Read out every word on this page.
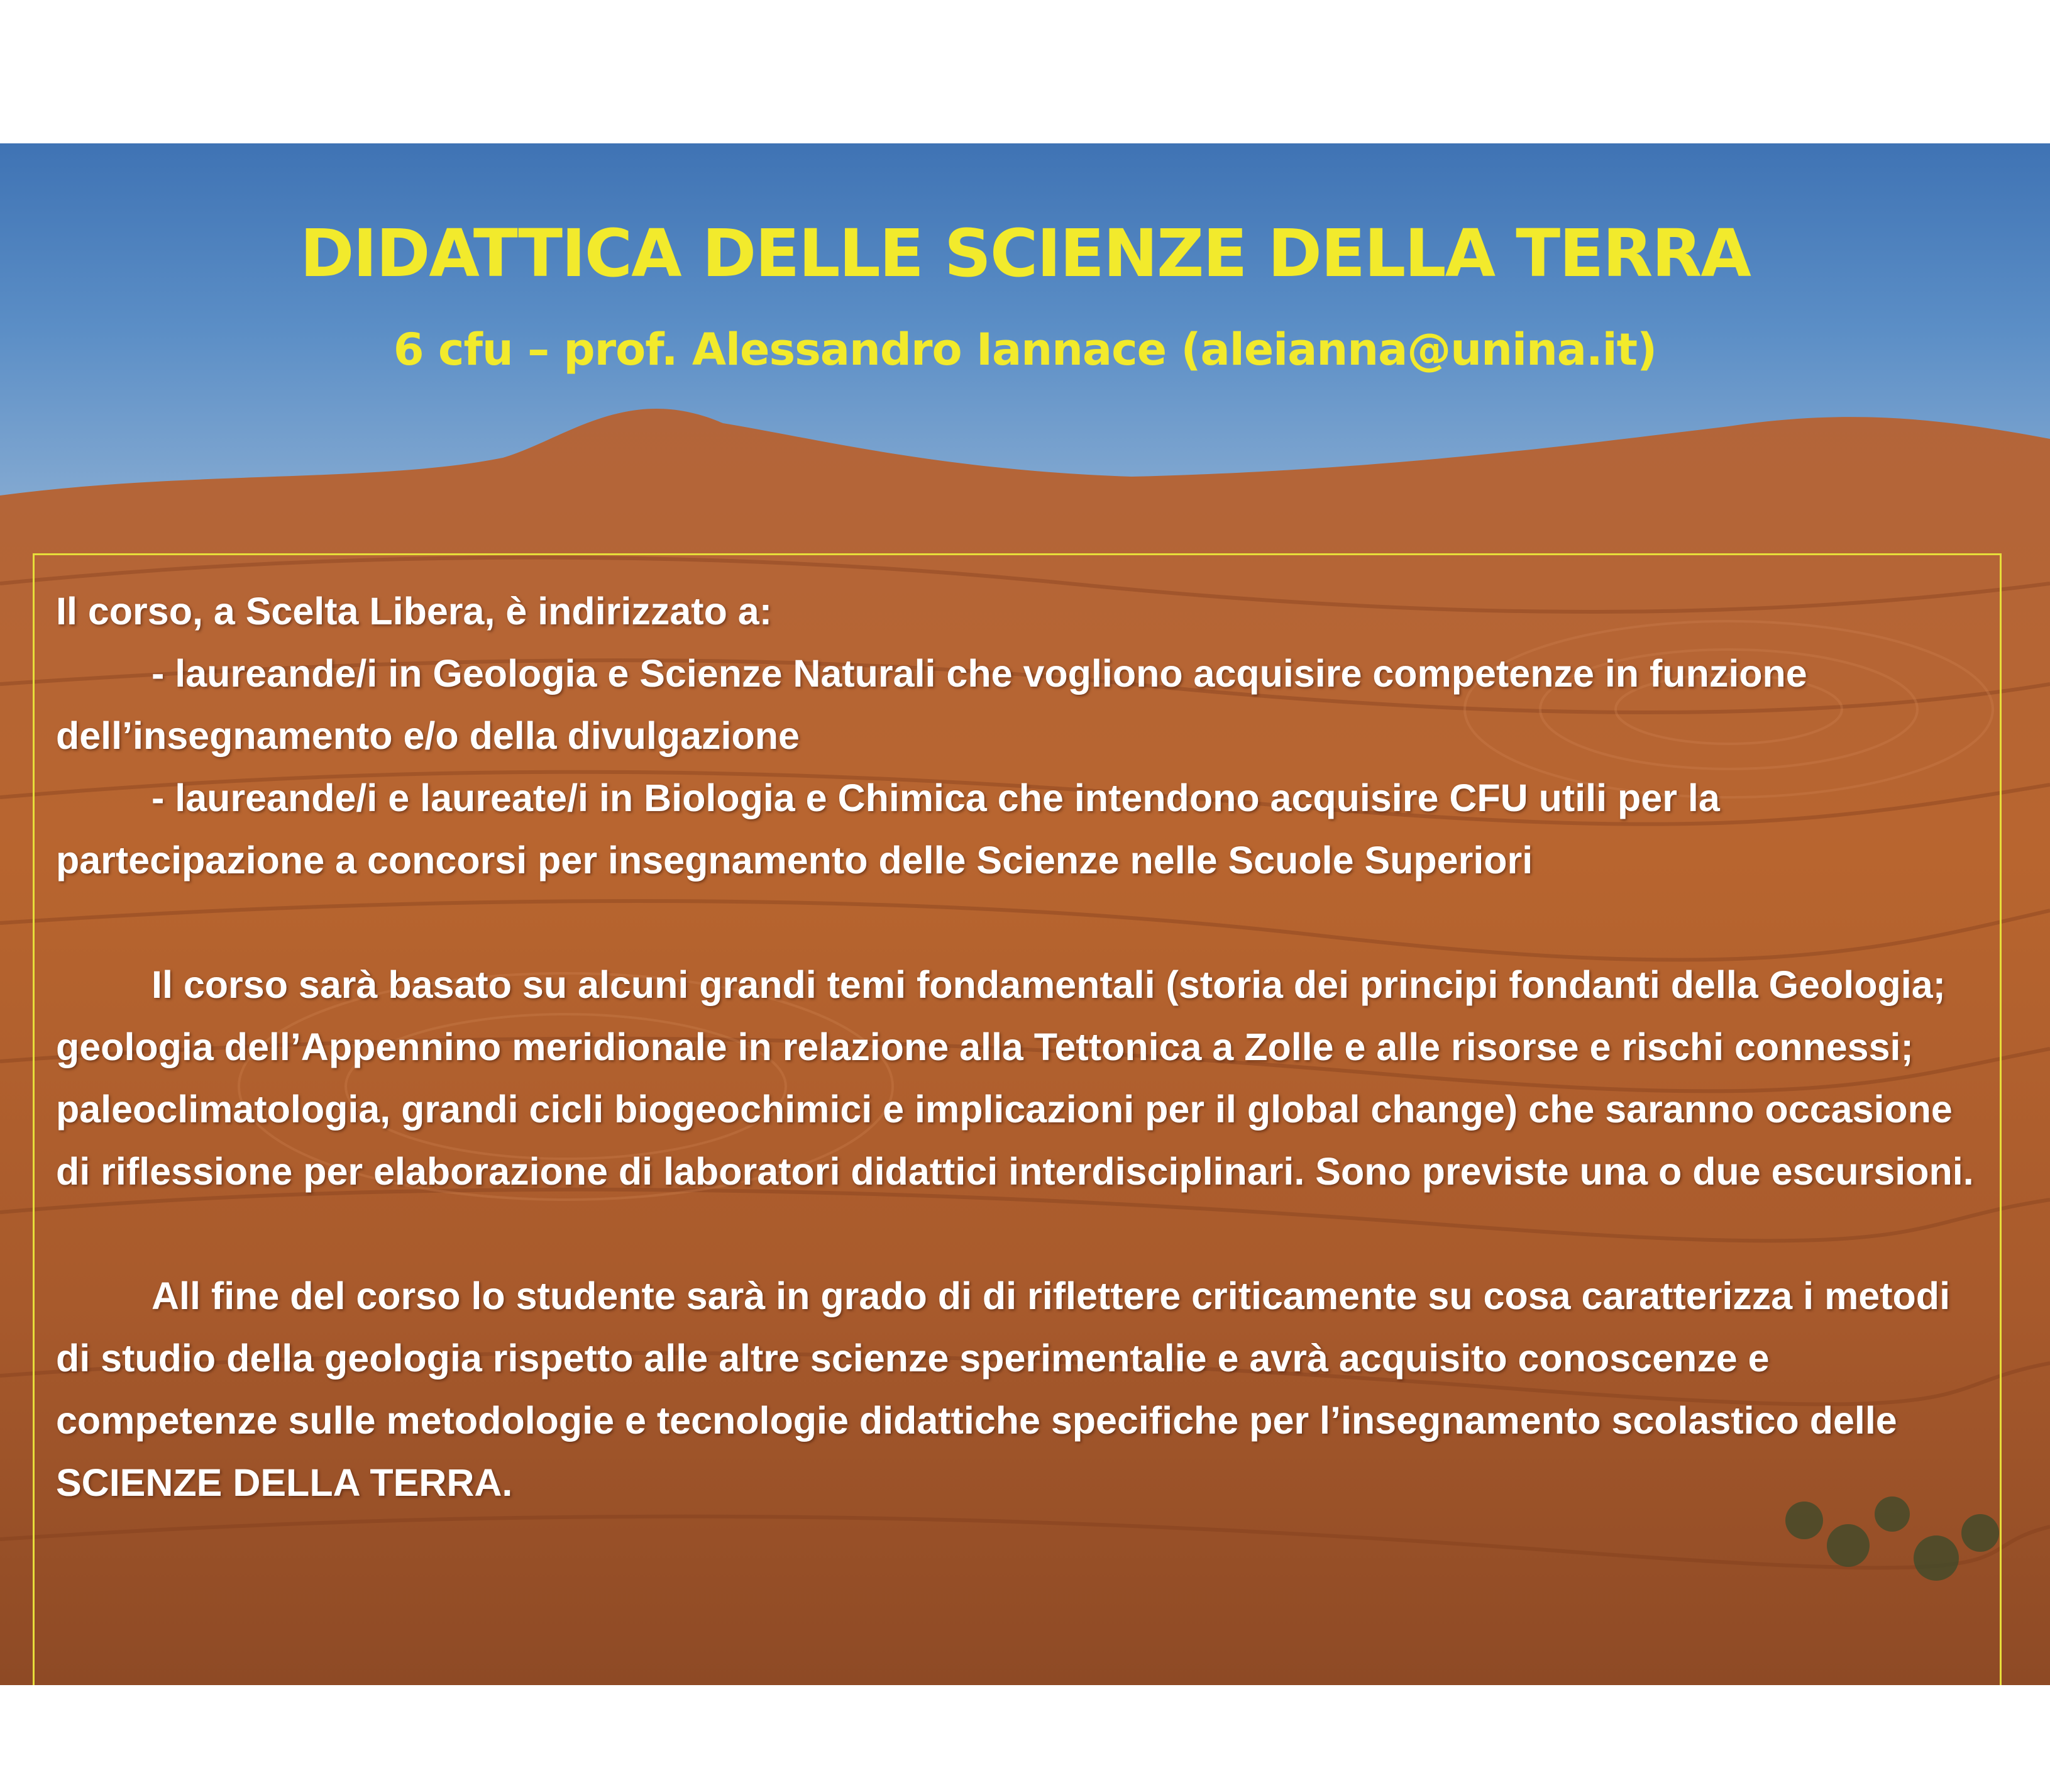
DIDATTICA DELLE SCIENZE DELLA TERRA
6 cfu – prof. Alessandro Iannace (aleianna@unina.it)

Il corso, a Scelta Libera, è indirizzato a:

- laureande/i in Geologia e Scienze Naturali che vogliono acquisire competenze in funzione dell’insegnamento e/o della divulgazione

- laureande/i e laureate/i in Biologia e Chimica che intendono acquisire CFU utili per la partecipazione a concorsi per insegnamento delle Scienze nelle Scuole Superiori

Il corso sarà basato su alcuni grandi temi fondamentali (storia dei principi fondanti della Geologia; geologia dell’Appennino meridionale in relazione alla Tettonica a Zolle e alle risorse e rischi connessi; paleoclimatologia, grandi cicli biogeochimici e implicazioni per il global change) che saranno occasione di riflessione per elaborazione di laboratori didattici interdisciplinari. Sono previste una o due escursioni.

All fine del corso lo studente sarà in grado di di riflettere criticamente su cosa caratterizza i metodi di studio della geologia rispetto alle altre scienze sperimentalie e avrà acquisito conoscenze e competenze sulle metodologie e tecnologie didattiche specifiche per l’insegnamento scolastico delle SCIENZE DELLA TERRA.
